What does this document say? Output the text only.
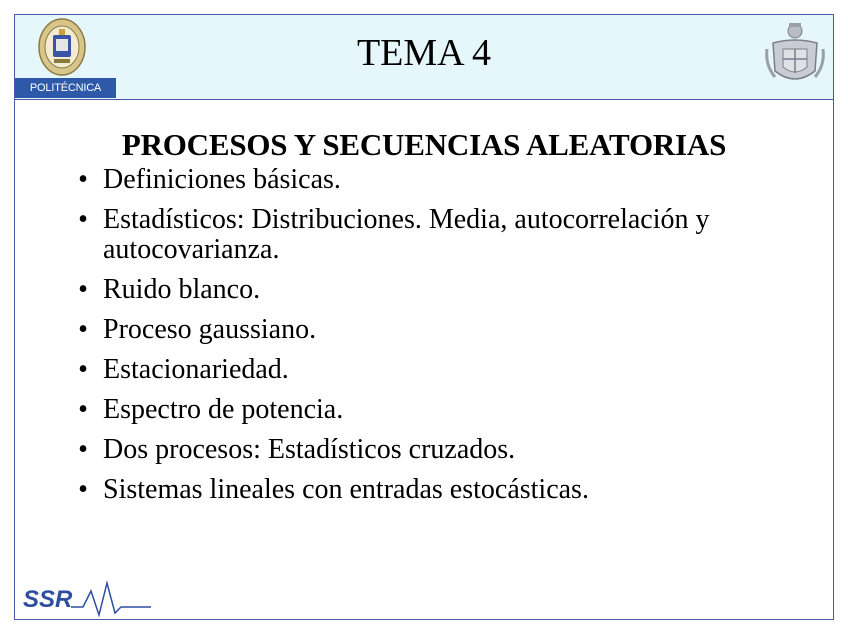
POLITÉCNICA
TEMA 4
PROCESOS Y SECUENCIAS ALEATORIAS
• Definiciones básicas.
• Estadísticos: Distribuciones. Media, autocorrelación y autocovarianza.
• Ruido blanco.
• Proceso gaussiano.
• Estacionariedad.
• Espectro de potencia.
• Dos procesos: Estadísticos cruzados.
• Sistemas lineales con entradas estocásticas.
SSR
